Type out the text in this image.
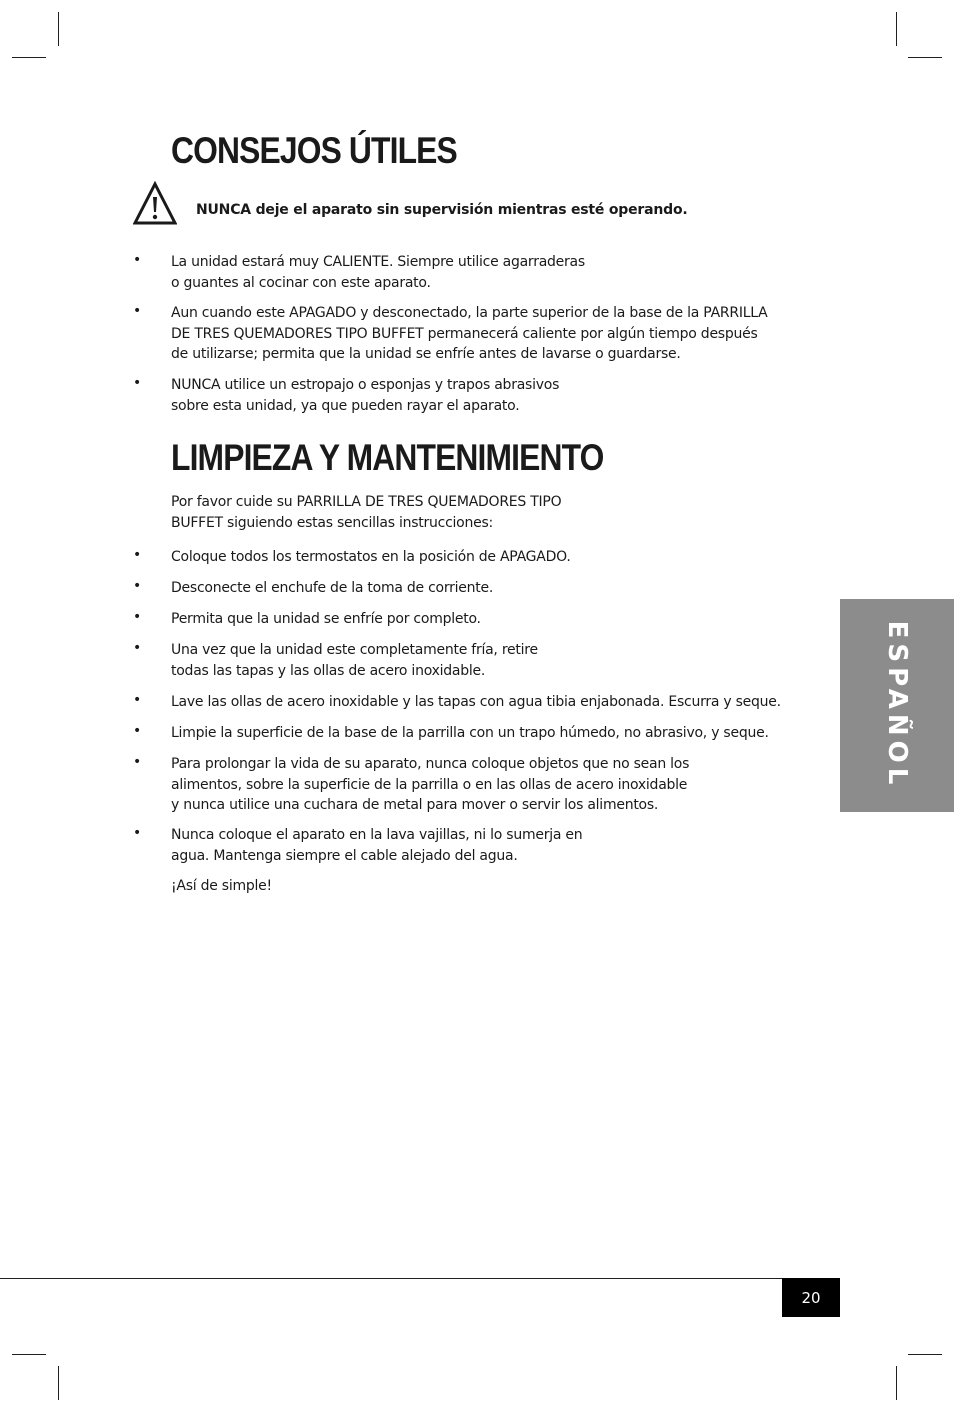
CONSEJOS ÚTILES
NUNCA deje el aparato sin supervisión mientras esté operando.
• La unidad estará muy CALIENTE. Siempre utilice agarraderas
o guantes al cocinar con este aparato.
• Aun cuando este APAGADO y desconectado, la parte superior de la base de la PARRILLA
DE TRES QUEMADORES TIPO BUFFET permanecerá caliente por algún tiempo después
de utilizarse; permita que la unidad se enfríe antes de lavarse o guardarse.
• NUNCA utilice un estropajo o esponjas y trapos abrasivos
sobre esta unidad, ya que pueden rayar el aparato.
LIMPIEZA Y MANTENIMIENTO
Por favor cuide su PARRILLA DE TRES QUEMADORES TIPO
BUFFET siguiendo estas sencillas instrucciones:
• Coloque todos los termostatos en la posición de APAGADO.
• Desconecte el enchufe de la toma de corriente.
• Permita que la unidad se enfríe por completo.
• Una vez que la unidad este completamente fría, retire
todas las tapas y las ollas de acero inoxidable.
• Lave las ollas de acero inoxidable y las tapas con agua tibia enjabonada. Escurra y seque.
• Limpie la superficie de la base de la parrilla con un trapo húmedo, no abrasivo, y seque.
• Para prolongar la vida de su aparato, nunca coloque objetos que no sean los
alimentos, sobre la superficie de la parrilla o en las ollas de acero inoxidable
y nunca utilice una cuchara de metal para mover o servir los alimentos.
• Nunca coloque el aparato en la lava vajillas, ni lo sumerja en
agua. Mantenga siempre el cable alejado del agua.
¡Así de simple!
ESPAÑOL
20
